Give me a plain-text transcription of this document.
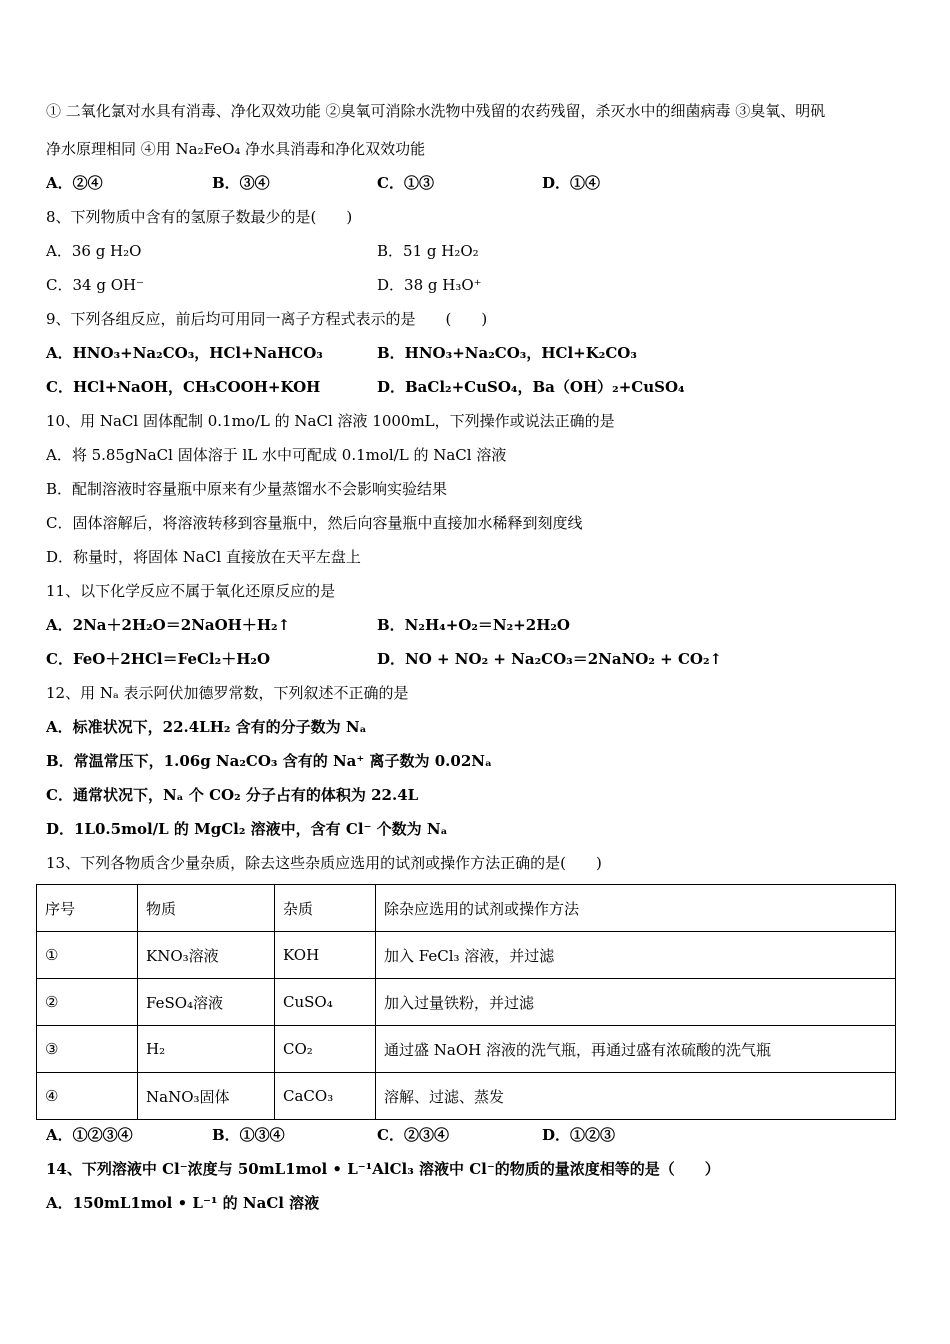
① 二氧化氯对水具有消毒、净化双效功能 ②臭氧可消除水洗物中残留的农药残留，杀灭水中的细菌病毒 ③臭氧、明矾
净水原理相同 ④用 Na₂FeO₄ 净水具消毒和净化双效功能
A．②④	B．③④	C．①③	D．①④
8、下列物质中含有的氢原子数最少的是(　　)
A．36 g H₂O	B．51 g H₂O₂
C．34 g OH⁻	D．38 g H₃O⁺
9、下列各组反应，前后均可用同一离子方程式表示的是　　(　　)
A．HNO₃+Na₂CO₃，HCl+NaHCO₃	B．HNO₃+Na₂CO₃，HCl+K₂CO₃
C．HCl+NaOH，CH₃COOH+KOH	D．BaCl₂+CuSO₄，Ba（OH）₂+CuSO₄
10、用 NaCl 固体配制 0.1mo/L 的 NaCl 溶液 1000mL，下列操作或说法正确的是
A．将 5.85gNaCl 固体溶于 lL 水中可配成 0.1mol/L 的 NaCl 溶液
B．配制溶液时容量瓶中原来有少量蒸馏水不会影响实验结果
C．固体溶解后，将溶液转移到容量瓶中，然后向容量瓶中直接加水稀释到刻度线
D．称量时，将固体 NaCl 直接放在天平左盘上
11、以下化学反应不属于氧化还原反应的是
A．2Na＋2H₂O＝2NaOH＋H₂↑	B．N₂H₄+O₂＝N₂+2H₂O
C．FeO＋2HCl＝FeCl₂＋H₂O	D．NO + NO₂ + Na₂CO₃＝2NaNO₂ + CO₂↑
12、用 Nₐ 表示阿伏加德罗常数，下列叙述不正确的是
A．标准状况下，22.4LH₂ 含有的分子数为 Nₐ
B．常温常压下，1.06g Na₂CO₃ 含有的 Na⁺ 离子数为 0.02Nₐ
C．通常状况下，Nₐ 个 CO₂ 分子占有的体积为 22.4L
D．1L0.5mol/L 的 MgCl₂ 溶液中，含有 Cl⁻ 个数为 Nₐ
13、下列各物质含少量杂质，除去这些杂质应选用的试剂或操作方法正确的是(　　)
序号	物质	杂质	除杂应选用的试剂或操作方法
①	KNO₃溶液	KOH	加入 FeCl₃ 溶液，并过滤
②	FeSO₄溶液	CuSO₄	加入过量铁粉，并过滤
③	H₂	CO₂	通过盛 NaOH 溶液的洗气瓶，再通过盛有浓硫酸的洗气瓶
④	NaNO₃固体	CaCO₃	溶解、过滤、蒸发
A．①②③④	B．①③④	C．②③④	D．①②③
14、下列溶液中 Cl⁻浓度与 50mL1mol • L⁻¹AlCl₃ 溶液中 Cl⁻的物质的量浓度相等的是（　　）
A．150mL1mol • L⁻¹ 的 NaCl 溶液
